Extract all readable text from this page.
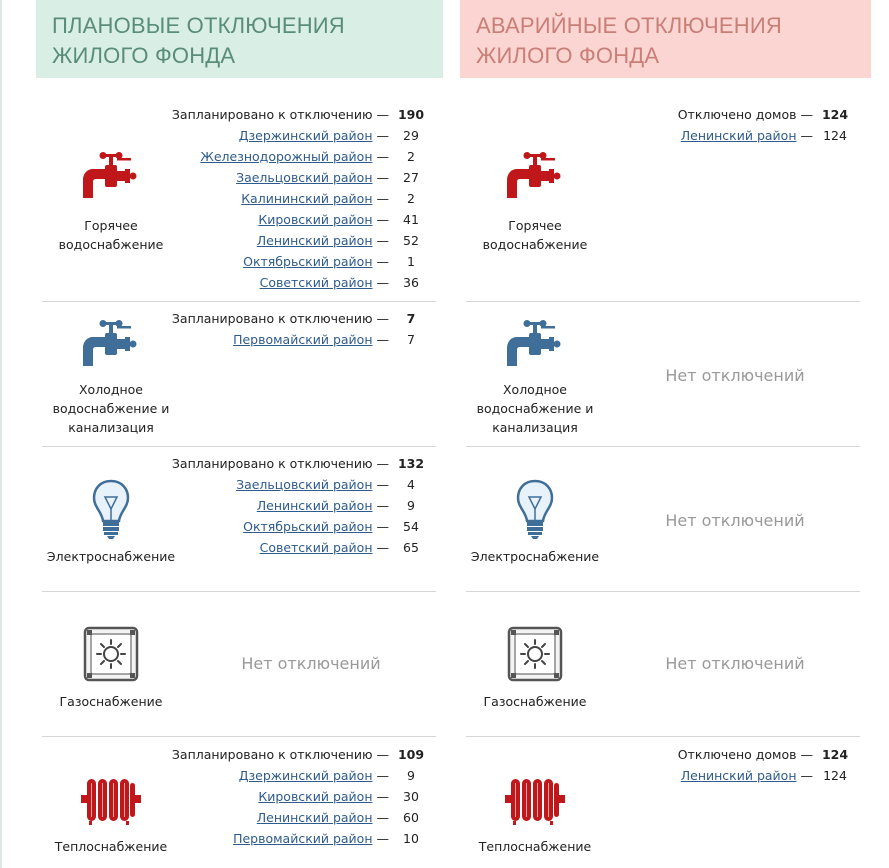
ПЛАНОВЫЕ ОТКЛЮЧЕНИЯ ЖИЛОГО ФОНДА
Горячее водоснабжение
Запланировано к отключению — 190
Дзержинский район — 29
Железнодорожный район — 2
Заельцовский район — 27
Калининский район — 2
Кировский район — 41
Ленинский район — 52
Октябрьский район — 1
Советский район — 36
Холодное водоснабжение и канализация
Запланировано к отключению — 7
Первомайский район — 7
Электроснабжение
Запланировано к отключению — 132
Заельцовский район — 4
Ленинский район — 9
Октябрьский район — 54
Советский район — 65
Газоснабжение
Нет отключений
Теплоснабжение
Запланировано к отключению — 109
Дзержинский район — 9
Кировский район — 30
Ленинский район — 60
Первомайский район — 10
АВАРИЙНЫЕ ОТКЛЮЧЕНИЯ ЖИЛОГО ФОНДА
Горячее водоснабжение
Отключено домов — 124
Ленинский район — 124
Холодное водоснабжение и канализация
Нет отключений
Электроснабжение
Нет отключений
Газоснабжение
Нет отключений
Теплоснабжение
Отключено домов — 124
Ленинский район — 124
